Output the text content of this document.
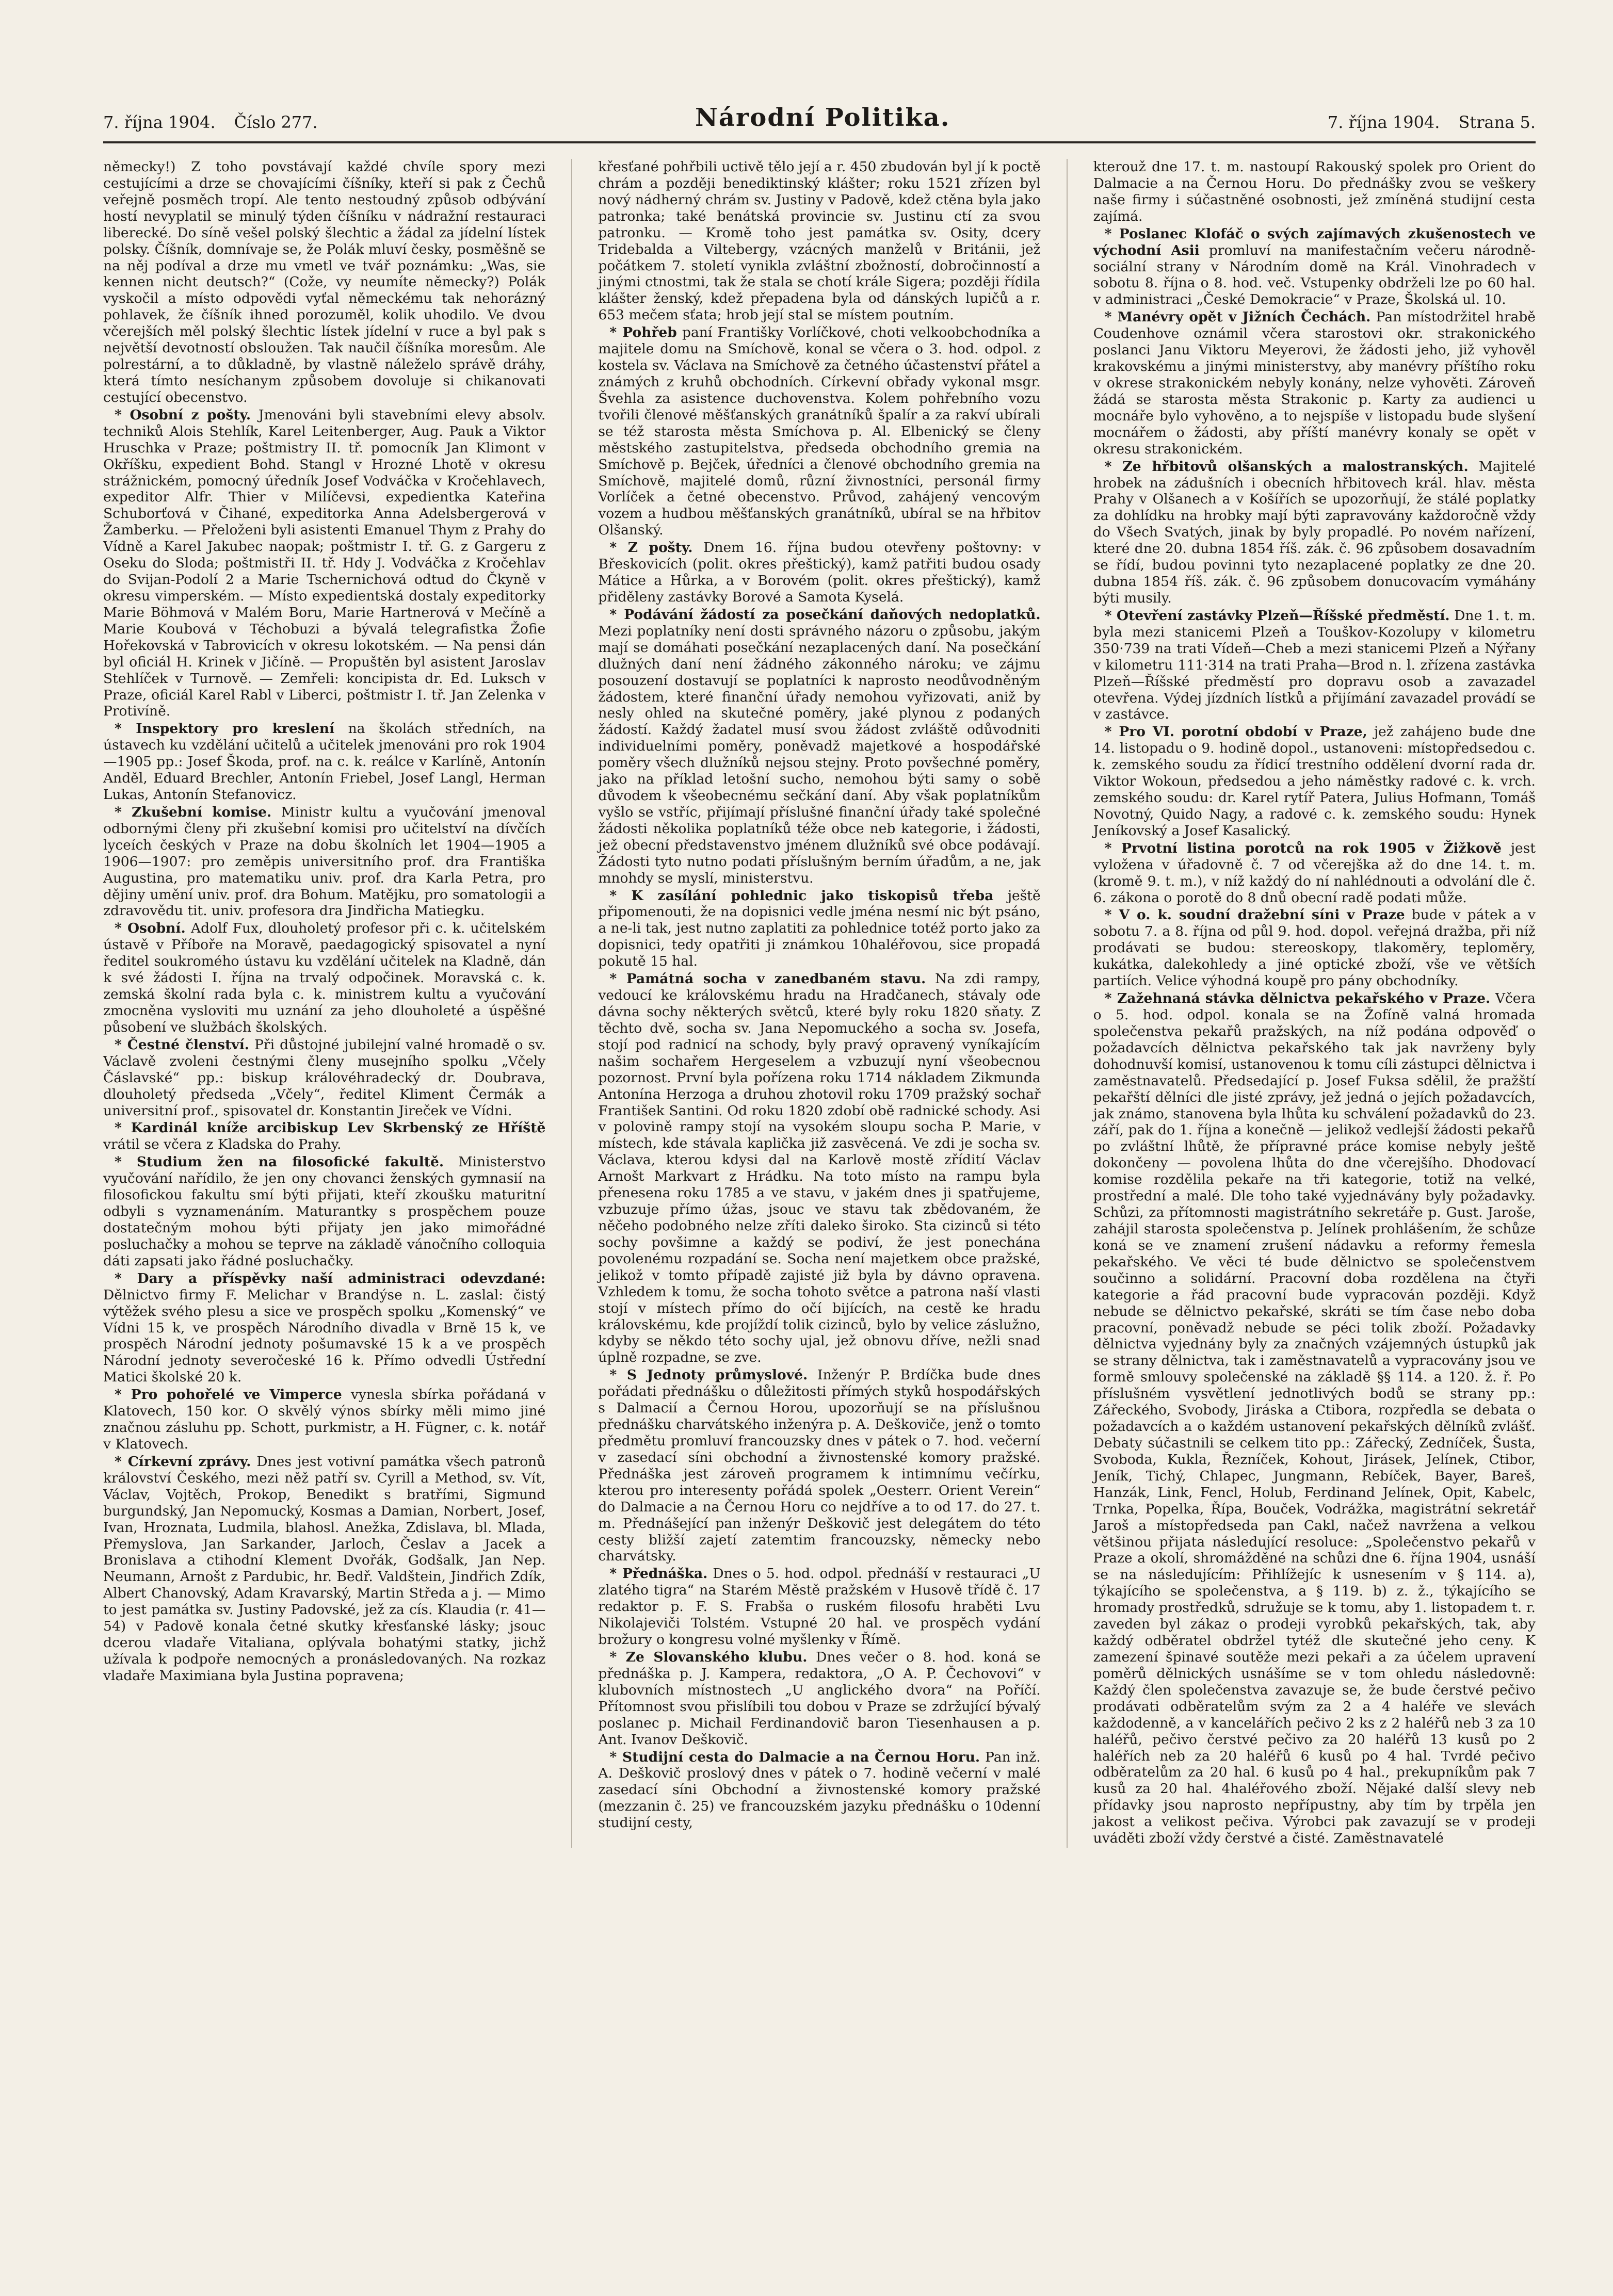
7. října 1904. Číslo 277.	Národní Politika.	7. října 1904. Strana 5.

německy!) Z toho povstávají každé chvíle spory mezi cestujícími a drze se chovajícími číšníky, kteří si pak z Čechů veřejně posměch tropí. Ale tento nestoudný způsob odbývání hostí nevyplatil se minulý týden číšníku v nádražní restauraci liberecké. Do síně vešel polský šlechtic a žádal za jídelní lístek polsky. Číšník, domnívaje se, že Polák mluví česky, posměšně se na něj podíval a drze mu vmetl ve tvář poznámku: „Was, sie kennen nicht deutsch?“ (Cože, vy neumíte německy?) Polák vyskočil a místo odpovědi vyťal německému tak nehorázný pohlavek, že číšník ihned porozuměl, kolik uhodilo. Ve dvou včerejších měl polský šlechtic lístek jídelní v ruce a byl pak s největší devotností obsloužen. Tak naučil číšníka moresům. Ale polrestární, a to důkladně, by vlastně náleželo správě dráhy, která tímto nesíchanym způsobem dovoluje si chikanovati cestující obecenstvo.

* Osobní z pošty. Jmenováni byli stavebními elevy absolv. techniků Alois Stehlík, Karel Leitenberger, Aug. Pauk a Viktor Hruschka v Praze; poštmistry II. tř. pomocník Jan Klimont v Okříšku, expedient Bohd. Stangl v Hrozné Lhotě v okresu strážnickém, pomocný úředník Josef Vodváčka v Kročehlavech, expeditor Alfr. Thier v Milíčevsi, expedientka Kateřina Schuborťová v Čihané, expeditorka Anna Adelsbergerová v Žamberku. — Přeloženi byli asistenti Emanuel Thym z Prahy do Vídně a Karel Jakubec naopak; poštmistr I. tř. G. z Gargeru z Oseku do Sloda; poštmistři II. tř. Hdy J. Vodváčka z Kročehlav do Svijan-Podolí 2 a Marie Tschernichová odtud do Čkyně v okresu vimperském. — Místo expedientská dostaly expeditorky Marie Böhmová v Malém Boru, Marie Hartnerová v Mečíně a Marie Koubová v Téchobuzi a bývalá telegrafistka Žofie Hořekovská v Tabrovicích v okresu lokotském. — Na pensi dán byl oficiál H. Krinek v Jičíně. — Propuštěn byl asistent Jaroslav Stehlíček v Turnově. — Zemřeli: koncipista dr. Ed. Luksch v Praze, oficiál Karel Rabl v Liberci, poštmistr I. tř. Jan Zelenka v Protivíně.

* Inspektory pro kreslení na školách středních, na ústavech ku vzdělání učitelů a učitelek jmenováni pro rok 1904—1905 pp.: Josef Škoda, prof. na c. k. reálce v Karlíně, Antonín Anděl, Eduard Brechler, Antonín Friebel, Josef Langl, Herman Lukas, Antonín Stefanovicz.

* Zkušební komise. Ministr kultu a vyučování jmenoval odbornými členy při zkušební komisi pro učitelství na dívčích lyceích českých v Praze na dobu školních let 1904—1905 a 1906—1907: pro zeměpis universitního prof. dra Františka Augustina, pro matematiku univ. prof. dra Karla Petra, pro dějiny umění univ. prof. dra Bohum. Matějku, pro somatologii a zdravovědu tit. univ. profesora dra Jindřicha Matiegku.

* Osobní. Adolf Fux, dlouholetý profesor při c. k. učitelském ústavě v Příboře na Moravě, paedagogický spisovatel a nyní ředitel soukromého ústavu ku vzdělání učitelek na Kladně, dán k své žádosti I. října na trvalý odpočinek. Moravská c. k. zemská školní rada byla c. k. ministrem kultu a vyučování zmocněna vysloviti mu uznání za jeho dlouholeté a úspěšné působení ve službách školských.

* Čestné členství. Při důstojné jubilejní valné hromadě o sv. Václavě zvoleni čestnými členy musejního spolku „Včely Čáslavské“ pp.: biskup královéhradecký dr. Doubrava, dlouholetý předseda „Včely“, ředitel Kliment Čermák a universitní prof., spisovatel dr. Konstantin Jireček ve Vídni.

* Kardinál kníže arcibiskup Lev Skrbenský ze Hříště vrátil se včera z Kladska do Prahy.

* Studium žen na filosofické fakultě. Ministerstvo vyučování nařídilo, že jen ony chovanci ženských gymnasií na filosofickou fakultu smí býti přijati, kteří zkoušku maturitní odbyli s vyznamenáním. Maturantky s prospěchem pouze dostatečným mohou býti přijaty jen jako mimořádné posluchačky a mohou se teprve na základě vánočního colloquia dáti zapsati jako řádné posluchačky.

* Dary a příspěvky naší administraci odevzdané: Dělnictvo firmy F. Melichar v Brandýse n. L. zaslal: čistý výtěžek svého plesu a sice ve prospěch spolku „Komenský“ ve Vídni 15 k, ve prospěch Národního divadla v Brně 15 k, ve prospěch Národní jednoty pošumavské 15 k a ve prospěch Národní jednoty severočeské 16 k. Přímo odvedli Ústřední Matici školské 20 k.

* Pro pohořelé ve Vimperce vynesla sbírka pořádaná v Klatovech, 150 kor. O skvělý výnos sbírky měli mimo jiné značnou zásluhu pp. Schott, purkmistr, a H. Fügner, c. k. notář v Klatovech.

* Církevní zprávy. Dnes jest votivní památka všech patronů království Českého, mezi něž patří sv. Cyrill a Method, sv. Vít, Václav, Vojtěch, Prokop, Benedikt s bratřími, Sigmund burgundský, Jan Nepomucký, Kosmas a Damian, Norbert, Josef, Ivan, Hroznata, Ludmila, blahosl. Anežka, Zdislava, bl. Mlada, Přemyslova, Jan Sarkander, Jarloch, Česlav a Jacek a Bronislava a ctihodní Klement Dvořák, Godšalk, Jan Nep. Neumann, Arnošt z Pardubic, hr. Bedř. Valdštein, Jindřich Zdík, Albert Chanovský, Adam Kravarský, Martin Středa a j. — Mimo to jest památka sv. Justiny Padovské, jež za cís. Klaudia (r. 41—54) v Padově konala četné skutky křesťanské lásky; jsouc dcerou vladaře Vitaliana, oplývala bohatými statky, jichž užívala k podpoře nemocných a pronásledovaných. Na rozkaz vladaře Maximiana byla Justina popravena;

křesťané pohřbili uctivě tělo její a r. 450 zbudován byl jí k poctě chrám a později benediktinský klášter; roku 1521 zřízen byl nový nádherný chrám sv. Justiny v Padově, kdež ctěna byla jako patronka; také benátská provincie sv. Justinu ctí za svou patronku. — Kromě toho jest památka sv. Osity, dcery Tridebalda a Viltebergy, vzácných manželů v Británii, jež počátkem 7. století vynikla zvláštní zbožností, dobročinností a jinými ctnostmi, tak že stala se chotí krále Sigera; později řídila klášter ženský, kdež přepadena byla od dánských lupičů a r. 653 mečem sťata; hrob její stal se místem poutním.

* Pohřeb paní Františky Vorlíčkové, choti velkoobchodníka a majitele domu na Smíchově, konal se včera o 3. hod. odpol. z kostela sv. Václava na Smíchově za četného účastenství přátel a známých z kruhů obchodních. Církevní obřady vykonal msgr. Švehla za asistence duchovenstva. Kolem pohřebního vozu tvořili členové měšťanských granátníků špalír a za rakví ubírali se též starosta města Smíchova p. Al. Elbenický se členy městského zastupitelstva, předseda obchodního gremia na Smíchově p. Bejček, úředníci a členové obchodního gremia na Smíchově, majitelé domů, různí živnostníci, personál firmy Vorlíček a četné obecenstvo. Průvod, zahájený vencovým vozem a hudbou měšťanských granátníků, ubíral se na hřbitov Olšanský.

* Z pošty. Dnem 16. října budou otevřeny poštovny: v Břeskovicích (polit. okres přeštický), kamž patřiti budou osady Mátice a Hůrka, a v Borovém (polit. okres přeštický), kamž přiděleny zastávky Borové a Samota Kyselá.

* Podávání žádostí za posečkání daňových nedoplatků. Mezi poplatníky není dosti správného názoru o způsobu, jakým mají se domáhati posečkání nezaplacených daní. Na posečkání dlužných daní není žádného zákonného nároku; ve zájmu posouzení dostavují se poplatníci k naprosto neodůvodněným žádostem, které finanční úřady nemohou vyřizovati, aniž by nesly ohled na skutečné poměry, jaké plynou z podaných žádostí. Každý žadatel musí svou žádost zvláště odůvodniti individuelními poměry, poněvadž majetkové a hospodářské poměry všech dlužníků nejsou stejny. Proto povšechné poměry, jako na příklad letošní sucho, nemohou býti samy o sobě důvodem k všeobecnému sečkání daní. Aby však poplatníkům vyšlo se vstříc, přijímají příslušné finanční úřady také společné žádosti několika poplatníků téže obce neb kategorie, i žádosti, jež obecní představenstvo jménem dlužníků své obce podávají. Žádosti tyto nutno podati příslušným berním úřadům, a ne, jak mnohdy se myslí, ministerstvu.

* K zasílání pohlednic jako tiskopisů třeba ještě připomenouti, že na dopisnici vedle jména nesmí nic být psáno, a ne-li tak, jest nutno zaplatiti za pohlednice totéž porto jako za dopisnici, tedy opatřiti ji známkou 10haléřovou, sice propadá pokutě 15 hal.

* Památná socha v zanedbaném stavu. Na zdi rampy, vedoucí ke královskému hradu na Hradčanech, stávaly ode dávna sochy některých světců, které byly roku 1820 sňaty. Z těchto dvě, socha sv. Jana Nepomuckého a socha sv. Josefa, stojí pod radnicí na schody, byly pravý opravený vyníkajícím našim sochařem Hergeselem a vzbuzují nyní všeobecnou pozornost. První byla pořízena roku 1714 nákladem Zikmunda Antonína Herzoga a druhou zhotovil roku 1709 pražský sochař František Santini. Od roku 1820 zdobí obě radnické schody. Asi v polovině rampy stojí na vysokém sloupu socha P. Marie, v místech, kde stávala kaplička již zasvěcená. Ve zdi je socha sv. Václava, kterou kdysi dal na Karlově mostě zřídití Václav Arnošt Markvart z Hrádku. Na toto místo na rampu byla přenesena roku 1785 a ve stavu, v jakém dnes ji spatřujeme, vzbuzuje přímo úžas, jsouc ve stavu tak zbědovaném, že něčeho podobného nelze zříti daleko široko. Sta cizinců si této sochy povšimne a každý se podiví, že jest ponechána povolenému rozpadání se. Socha není majetkem obce pražské, jelikož v tomto případě zajisté již byla by dávno opravena. Vzhledem k tomu, že socha tohoto světce a patrona naší vlasti stojí v místech přímo do očí bijících, na cestě ke hradu královskému, kde projíždí tolik cizinců, bylo by velice záslužno, kdyby se někdo této sochy ujal, jež obnovu dříve, nežli snad úplně rozpadne, se zve.

* S Jednoty průmyslové. Inženýr P. Brdíčka bude dnes pořádati přednášku o důležitosti přímých styků hospodářských s Dalmacií a Černou Horou, upozorňují se na příslušnou přednášku charvátského inženýra p. A. Deškoviče, jenž o tomto předmětu promluví francouzsky dnes v pátek o 7. hod. večerní v zasedací síni obchodní a živnostenské komory pražské. Přednáška jest zároveň programem k intimnímu večírku, kterou pro interesenty pořádá spolek „Oesterr. Orient Verein“ do Dalmacie a na Černou Horu co nejdříve a to od 17. do 27. t. m. Přednášející pan inženýr Deškovič jest delegátem do této cesty bližší zajetí zatemtim francouzsky, německy nebo charvátsky.

* Přednáška. Dnes o 5. hod. odpol. přednáší v restauraci „U zlatého tigra“ na Starém Městě pražském v Husově třídě č. 17 redaktor p. F. S. Frabša o ruském filosofu hraběti Lvu Nikolajeviči Tolstém. Vstupné 20 hal. ve prospěch vydání brožury o kongresu volné myšlenky v Římě.

* Ze Slovanského klubu. Dnes večer o 8. hod. koná se přednáška p. J. Kampera, redaktora, „O A. P. Čechovovi“ v klubovních místnostech „U anglického dvora“ na Poříčí. Přítomnost svou přislíbili tou dobou v Praze se zdržující bývalý poslanec p. Michail Ferdinandovič baron Tiesenhausen a p. Ant. Ivanov Deškovič.

* Studijní cesta do Dalmacie a na Černou Horu. Pan inž. A. Deškovič proslový dnes v pátek o 7. hodině večerní v malé zasedací síni Obchodní a živnostenské komory pražské (mezzanin č. 25) ve francouzském jazyku přednášku o 10denní studijní cesty,

kterouž dne 17. t. m. nastoupí Rakouský spolek pro Orient do Dalmacie a na Černou Horu. Do přednášky zvou se veškery naše firmy i súčastněné osobnosti, jež zmíněná studijní cesta zajímá.

* Poslanec Klofáč o svých zajímavých zkušenostech ve východní Asii promluví na manifestačním večeru národně-sociální strany v Národním domě na Král. Vinohradech v sobotu 8. října o 8. hod. več. Vstupenky obdrželi lze po 60 hal. v administraci „České Demokracie“ v Praze, Školská ul. 10.

* Manévry opět v Jižních Čechách. Pan místodržitel hrabě Coudenhove oznámil včera starostovi okr. strakonického poslanci Janu Viktoru Meyerovi, že žádosti jeho, již vyhověl krakovskému a jinými ministerstvy, aby manévry příštího roku v okrese strakonickém nebyly konány, nelze vyhověti. Zároveň žádá se starosta města Strakonic p. Karty za audienci u mocnáře bylo vyhověno, a to nejspíše v listopadu bude slyšení mocnářem o žádosti, aby příští manévry konaly se opět v okresu strakonickém.

* Ze hřbitovů olšanských a malostranských. Majitelé hrobek na zádušních i obecních hřbitovech král. hlav. města Prahy v Olšanech a v Košířích se upozorňují, že stálé poplatky za dohlídku na hrobky mají býti zapravovány každoročně vždy do Všech Svatých, jinak by byly propadlé. Po novém nařízení, které dne 20. dubna 1854 říš. zák. č. 96 způsobem dosavadním se řídí, budou povinni tyto nezaplacené poplatky ze dne 20. dubna 1854 říš. zák. č. 96 způsobem donucovacím vymáhány býti musily.

* Otevření zastávky Plzeň—Říšské předměstí. Dne 1. t. m. byla mezi stanicemi Plzeň a Touškov-Kozolupy v kilometru 350·739 na trati Vídeň—Cheb a mezi stanicemi Plzeň a Nýřany v kilometru 111·314 na trati Praha—Brod n. l. zřízena zastávka Plzeň—Říšské předměstí pro dopravu osob a zavazadel otevřena. Výdej jízdních lístků a přijímání zavazadel provádí se v zastávce.

* Pro VI. porotní období v Praze, jež zahájeno bude dne 14. listopadu o 9. hodině dopol., ustanoveni: místopředsedou c. k. zemského soudu za řídicí trestního oddělení dvorní rada dr. Viktor Wokoun, předsedou a jeho náměstky radové c. k. vrch. zemského soudu: dr. Karel rytíř Patera, Julius Hofmann, Tomáš Novotný, Quido Nagy, a radové c. k. zemského soudu: Hynek Jeníkovský a Josef Kasalický.

* Prvotní listina porotců na rok 1905 v Žižkově jest vyložena v úřadovně č. 7 od včerejška až do dne 14. t. m. (kromě 9. t. m.), v níž každý do ní nahlédnouti a odvolání dle č. 6. zákona o porotě do 8 dnů obecní radě podati může.

* V o. k. soudní dražební síni v Praze bude v pátek a v sobotu 7. a 8. října od půl 9. hod. dopol. veřejná dražba, při níž prodávati se budou: stereoskopy, tlakoměry, teploměry, kukátka, dalekohledy a jiné optické zboží, vše ve větších partiích. Velice výhodná koupě pro pány obchodníky.

* Zažehnaná stávka dělnictva pekařského v Praze. Včera o 5. hod. odpol. konala se na Žofíně valná hromada společenstva pekařů pražských, na níž podána odpověď o požadavcích dělnictva pekařského tak jak navrženy byly dohodnuvší komisí, ustanovenou k tomu cíli zástupci dělnictva i zaměstnavatelů. Předsedající p. Josef Fuksa sdělil, že pražští pekařští dělníci dle jisté zprávy, jež jedná o jejích požadavcích, jak známo, stanovena byla lhůta ku schválení požadavků do 23. září, pak do 1. října a konečně — jelikož vedlejší žádosti pekařů po zvláštní lhůtě, že přípravné práce komise nebyly ještě dokončeny — povolena lhůta do dne včerejšího. Dhodovací komise rozdělila pekaře na tři kategorie, totiž na velké, prostřední a malé. Dle toho také vyjednávány byly požadavky. Schůzi, za přítomnosti magistrátního sekretáře p. Gust. Jaroše, zahájil starosta společenstva p. Jelínek prohlášením, že schůze koná se ve znamení zrušení nádavku a reformy řemesla pekařského. Ve věci té bude dělnictvo se společenstvem součinno a solidární. Pracovní doba rozdělena na čtyři kategorie a řád pracovní bude vypracován později. Když nebude se dělnictvo pekařské, skráti se tím čase nebo doba pracovní, poněvadž nebude se péci tolik zboží. Požadavky dělnictva vyjednány byly za značných vzájemných ústupků jak se strany dělnictva, tak i zaměstnavatelů a vypracovány jsou ve formě smlouvy společenské na základě §§ 114. a 120. ž. ř. Po příslušném vysvětlení jednotlivých bodů se strany pp.: Zářeckého, Svobody, Jiráska a Ctibora, rozpředla se debata o požadavcích a o každém ustanovení pekařských dělníků zvlášť. Debaty súčastnili se celkem tito pp.: Zářecký, Zedníček, Šusta, Svoboda, Kukla, Řezníček, Kohout, Jirásek, Jelínek, Ctibor, Jeník, Tichý, Chlapec, Jungmann, Rebíček, Bayer, Bareš, Hanzák, Link, Fencl, Holub, Ferdinand Jelínek, Opit, Kabelc, Trnka, Popelka, Řípa, Bouček, Vodrážka, magistrátní sekretář Jaroš a místopředseda pan Cakl, načež navržena a velkou většinou přijata následující resoluce: „Společenstvo pekařů v Praze a okolí, shromážděné na schůzi dne 6. října 1904, usnáší se na následujícím: Přihlížejíc k usnesením v § 114. a), týkajícího se společenstva, a § 119. b) z. ž., týkajícího se hromady prostředků, sdružuje se k tomu, aby 1. listopadem t. r. zaveden byl zákaz o prodeji vyrobků pekařských, tak, aby každý odběratel obdržel tytéž dle skutečné jeho ceny. K zamezení špinavé soutěže mezi pekaři a za účelem upravení poměrů dělnických usnášíme se v tom ohledu následovně: Každý člen společenstva zavazuje se, že bude čerstvé pečivo prodávati odběratelům svým za 2 a 4 haléře ve slevách každodenně, a v kancelářích pečivo 2 ks z 2 haléřů neb 3 za 10 haléřů, pečivo čerstvé pečivo za 20 haléřů 13 kusů po 2 haléřích neb za 20 haléřů 6 kusů po 4 hal. Tvrdé pečivo odběratelům za 20 hal. 6 kusů po 4 hal., prekupníkům pak 7 kusů za 20 hal. 4haléřového zboží. Nějaké další slevy neb přídavky jsou naprosto nepřípustny, aby tím by trpěla jen jakost a velikost pečiva. Výrobci pak zavazují se v prodeji uváděti zboží vždy čerstvé a čisté. Zaměstnavatelé
